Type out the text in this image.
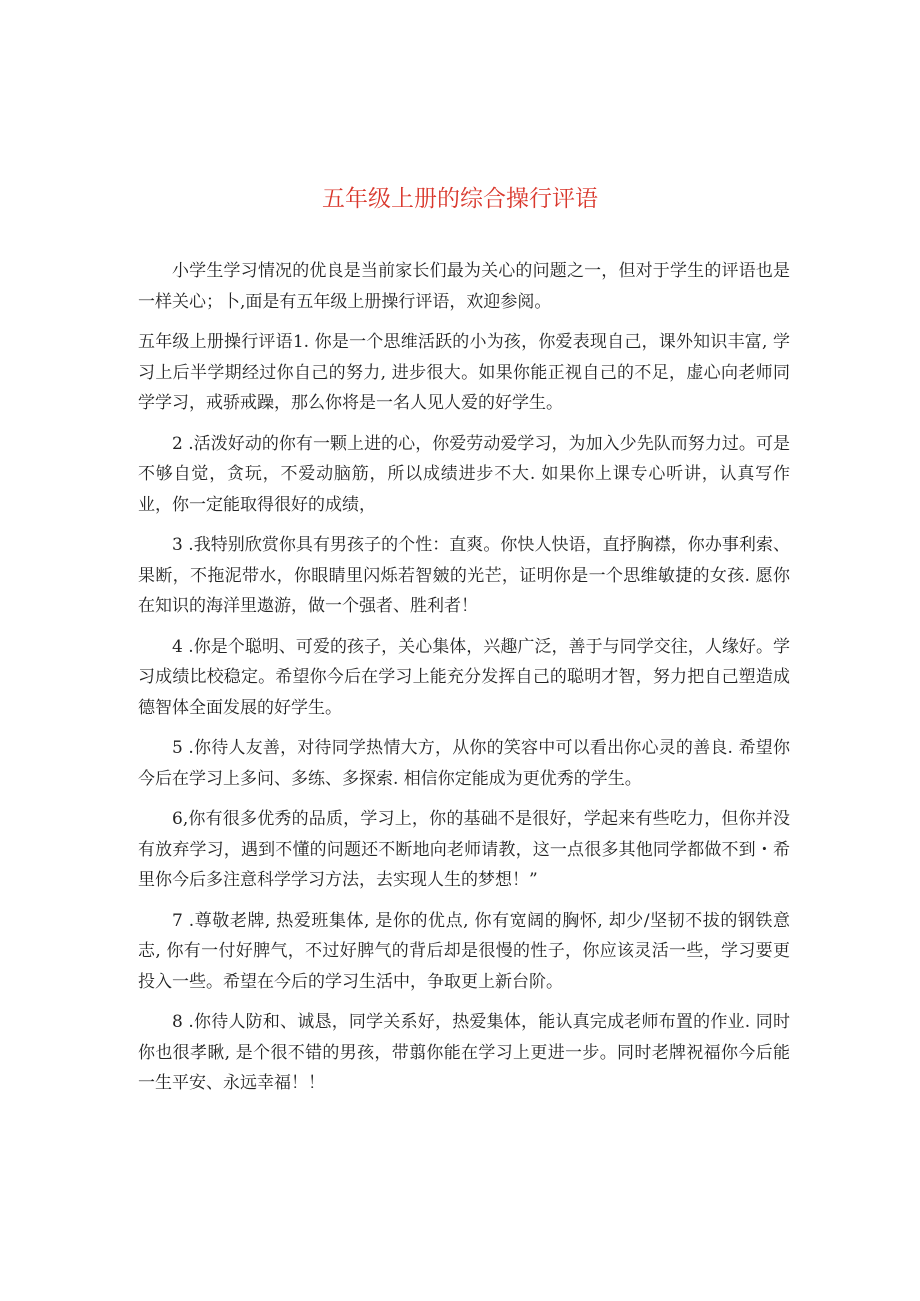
五年级上册的综合操行评语

小学生学习情况的优良是当前家长们最为关心的问题之一，但对于学生的评语也是一样关心；卜,面是有五年级上册操行评语，欢迎参阅。

五年级上册操行评语1. 你是一个思维活跃的小为孩，你爱表现自己，课外知识丰富, 学习上后半学期经过你自己的努力, 进步很大。如果你能正视自己的不足，虚心向老师同学学习，戒骄戒躁，那么你将是一名人见人爱的好学生。

2 .活泼好动的你有一颗上进的心，你爱劳动爱学习，为加入少先队而努力过。可是不够自觉，贪玩，不爱动脑筋，所以成绩进步不大. 如果你上课专心听讲，认真写作业，你一定能取得很好的成绩，

3 .我特别欣赏你具有男孩子的个性：直爽。你快人快语，直抒胸襟，你办事利索、果断，不拖泥带水，你眼睛里闪烁若智皴的光芒，证明你是一个思维敏捷的女孩. 愿你在知识的海洋里遨游，做一个强者、胜利者！

4 .你是个聪明、可爱的孩子，关心集体，兴趣广泛，善于与同学交往，人缘好。学习成绩比校稳定。希望你今后在学习上能充分发挥自己的聪明才智，努力把自己塑造成德智体全面发展的好学生。

5 .你待人友善，对待同学热情大方，从你的笑容中可以看出你心灵的善良. 希望你今后在学习上多问、多练、多探索. 相信你定能成为更优秀的学生。

6,你有很多优秀的品质，学习上，你的基础不是很好，学起来有些吃力，但你并没有放弃学习，遇到不懂的问题还不断地向老师请教，这一点很多其他同学都做不到・希里你今后多注意科学学习方法，去实现人生的梦想！”

7 .尊敬老牌, 热爱班集体, 是你的优点, 你有宽阔的胸怀, 却少/坚韧不拔的钢铁意志, 你有一付好脾气，不过好脾气的背后却是很慢的性子，你应该灵活一些，学习要更投入一些。希望在今后的学习生活中，争取更上新台阶。

8 .你待人防和、诚恳，同学关系好，热爱集体，能认真完成老师布置的作业. 同时你也很孝瞅, 是个很不错的男孩，带翦你能在学习上更进一步。同时老牌祝福你今后能一生平安、永远幸福！！
